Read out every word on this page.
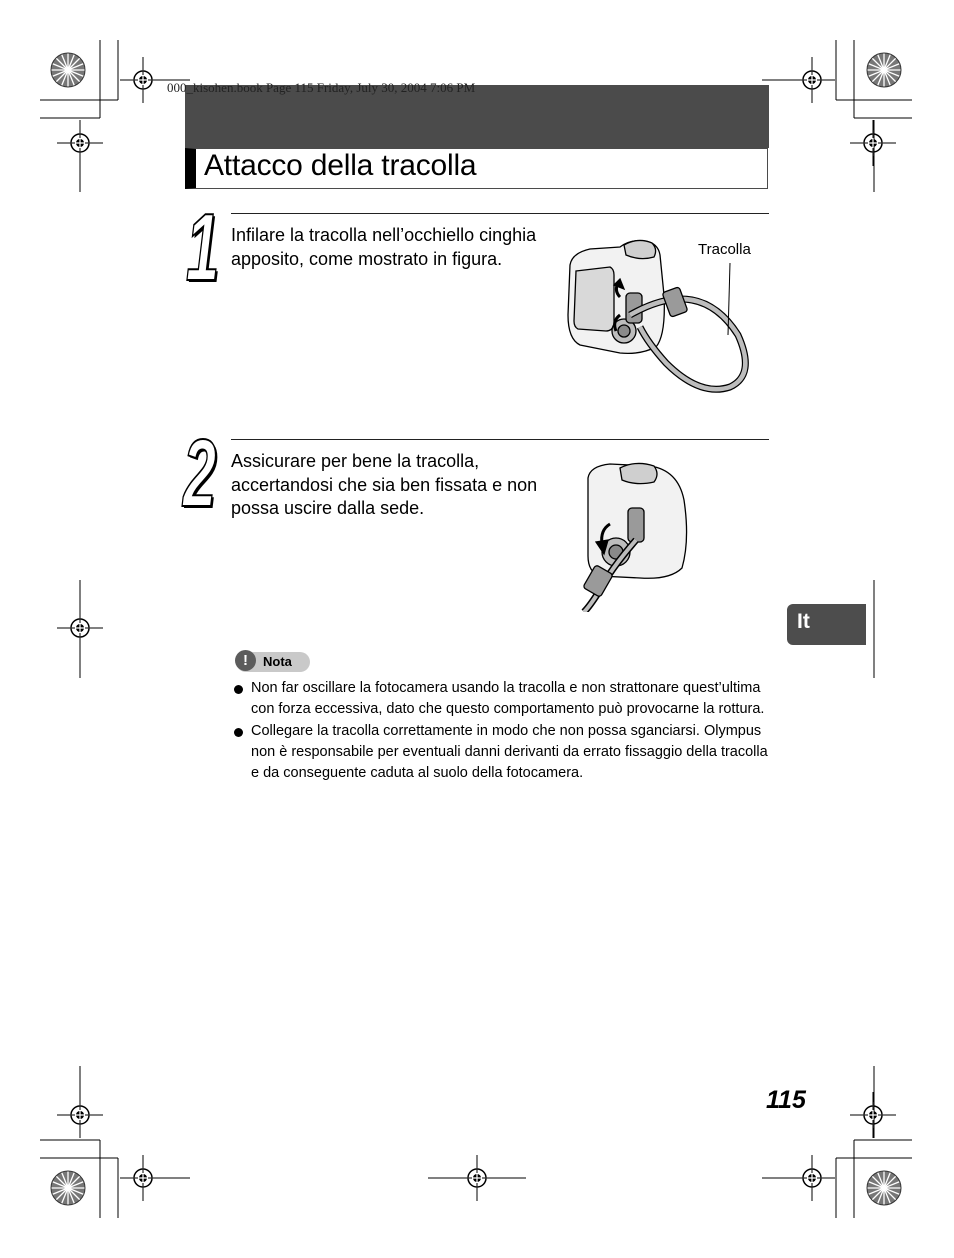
000_kisohen.book Page 115 Friday, July 30, 2004 7:06 PM
Attacco della tracolla
1 Infilare la tracolla nell’occhiello cinghia apposito, come mostrato in figura.	Tracolla
2 Assicurare per bene la tracolla, accertandosi che sia ben fissata e non possa uscire dalla sede.
It
Nota
!
Non far oscillare la fotocamera usando la tracolla e non strattonare quest’ultima con forza eccessiva, dato che questo comportamento può provocarne la rottura.
Collegare la tracolla correttamente in modo che non possa sganciarsi. Olympus non è responsabile per eventuali danni derivanti da errato fissaggio della tracolla e da conseguente caduta al suolo della fotocamera.
115
